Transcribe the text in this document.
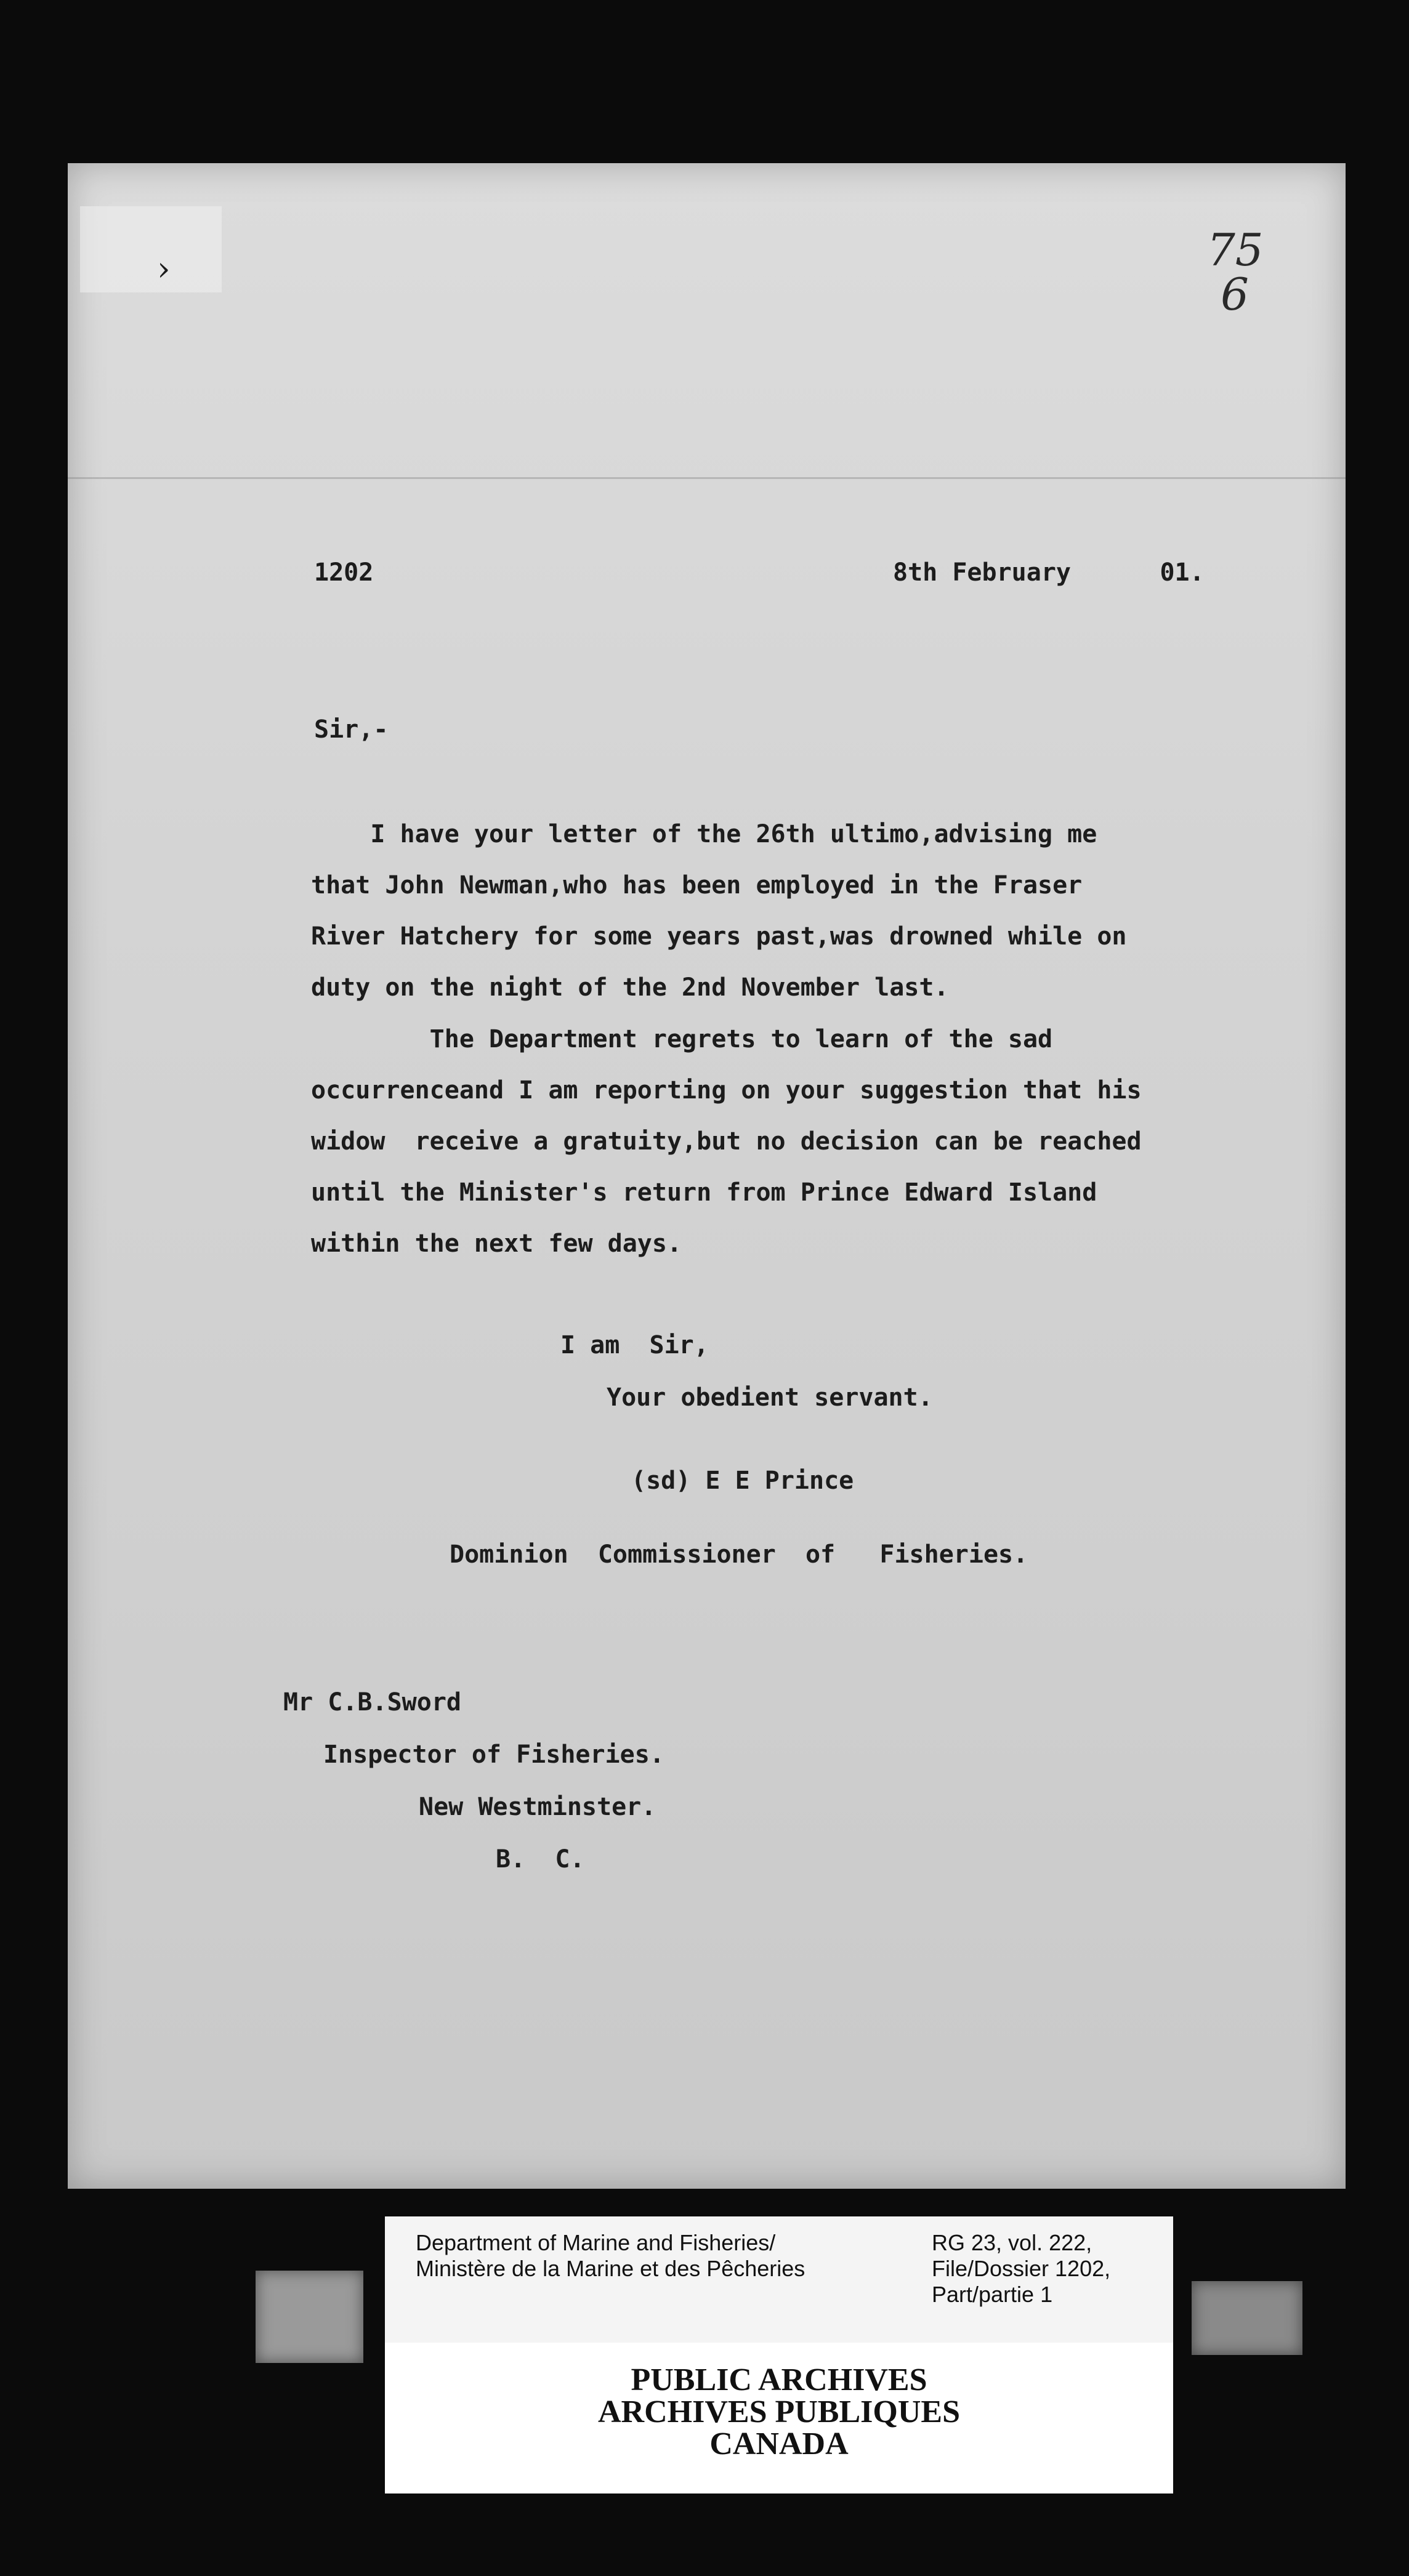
›	75
6
1202	8th February      01.
Sir,-
I have your letter of the 26th ultimo,advising me
that John Newman,who has been employed in the Fraser
River Hatchery for some years past,was drowned while on
duty on the night of the 2nd November last.
The Department regrets to learn of the sad
occurrenceand I am reporting on your suggestion that his
widow  receive a gratuity,but no decision can be reached
until the Minister's return from Prince Edward Island
within the next few days.
I am  Sir,
Your obedient servant.
(sd) E E Prince
Dominion  Commissioner  of   Fisheries.
Mr C.B.Sword
Inspector of Fisheries.
New Westminster.
B.  C.
Department of Marine and Fisheries/
Ministère de la Marine et des Pêcheries
RG 23, vol. 222,
File/Dossier 1202,
Part/partie 1
PUBLIC ARCHIVES
ARCHIVES PUBLIQUES
CANADA
